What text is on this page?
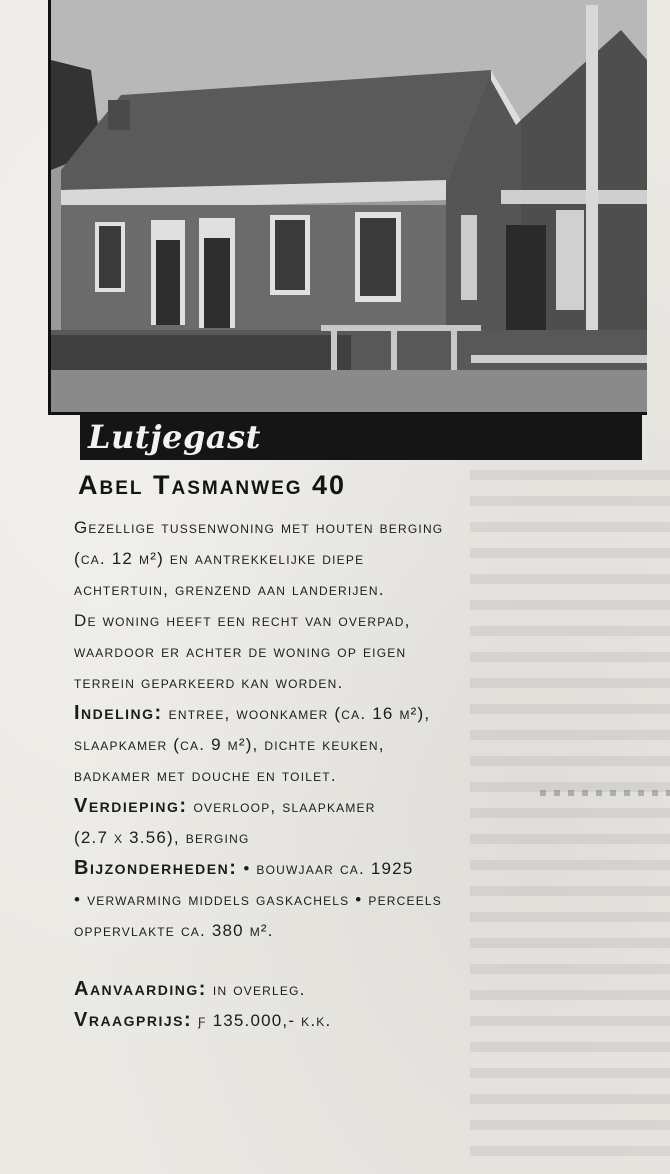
Lutjegast
Abel Tasmanweg 40
Gezellige tussenwoning met houten berging
(ca. 12 m²) en aantrekkelijke diepe
achtertuin, grenzend aan landerijen.
De woning heeft een recht van overpad,
waardoor er achter de woning op eigen
terrein geparkeerd kan worden.
Indeling: entree, woonkamer (ca. 16 m²),
slaapkamer (ca. 9 m²), dichte keuken,
badkamer met douche en toilet.
Verdieping: overloop, slaapkamer
(2.7 x 3.56), berging
Bijzonderheden: • bouwjaar ca. 1925
• verwarming middels gaskachels • perceels
oppervlakte ca. 380 m².
Aanvaarding: in overleg.
Vraagprijs: ƒ 135.000,- k.k.
